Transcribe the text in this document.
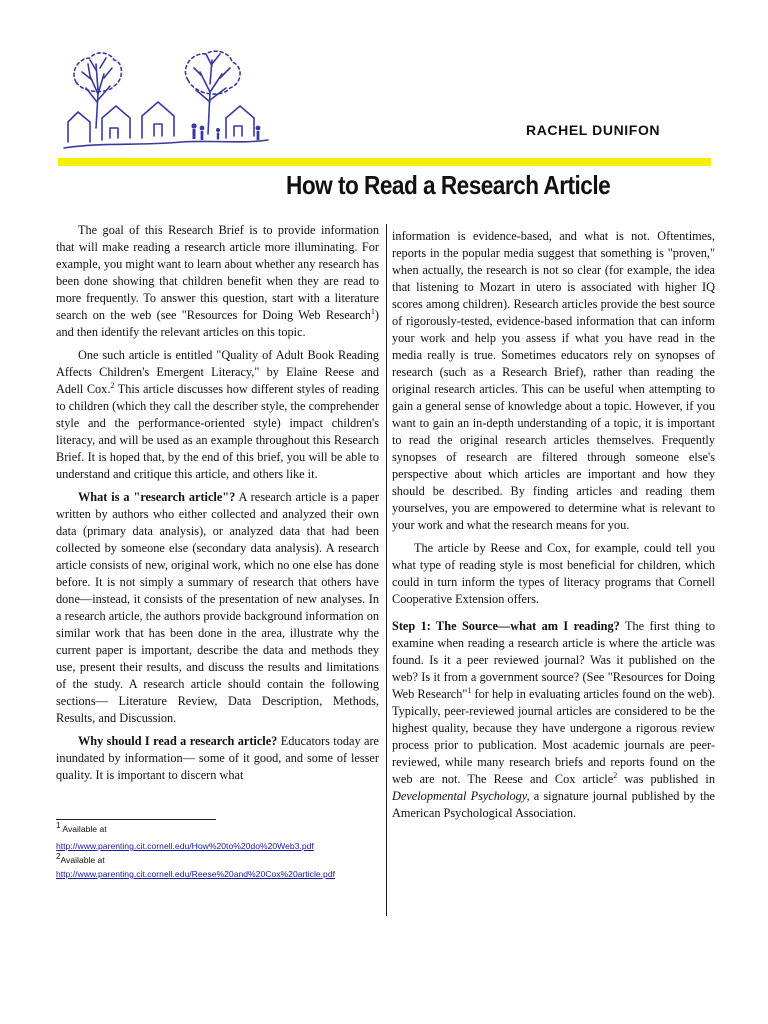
RACHEL DUNIFON
How to Read a Research Article

The goal of this Research Brief is to provide information that will make reading a research article more illuminating. For example, you might want to learn about whether any research has been done showing that children benefit when they are read to more frequently. To answer this question, start with a literature search on the web (see "Resources for Doing Web Research$^1$) and then identify the relevant articles on this topic.

One such article is entitled "Quality of Adult Book Reading Affects Children's Emergent Literacy," by Elaine Reese and Adell Cox.$^2$ This article discusses how different styles of reading to children (which they call the describer style, the comprehender style and the performance-oriented style) impact children's literacy, and will be used as an example throughout this Research Brief. It is hoped that, by the end of this brief, you will be able to understand and critique this article, and others like it.

What is a "research article"? A research article is a paper written by authors who either collected and analyzed their own data (primary data analysis), or analyzed data that had been collected by someone else (secondary data analysis). A research article consists of new, original work, which no one else has done before. It is not simply a summary of research that others have done—instead, it consists of the presentation of new analyses. In a research article, the authors provide background information on similar work that has been done in the area, illustrate why the current paper is important, describe the data and methods they use, present their results, and discuss the results and limitations of the study. A research article should contain the following sections— Literature Review, Data Description, Methods, Results, and Discussion.

Why should I read a research article? Educators today are inundated by information— some of it good, and some of lesser quality. It is important to discern what

$^1$ Available at
http://www.parenting.cit.cornell.edu/How%20to%20do%20Web3.pdf
$^2$Available at
http://www.parenting.cit.cornell.edu/Reese%20and%20Cox%20article.pdf

information is evidence-based, and what is not. Oftentimes, reports in the popular media suggest that something is "proven," when actually, the research is not so clear (for example, the idea that listening to Mozart in utero is associated with higher IQ scores among children). Research articles provide the best source of rigorously-tested, evidence-based information that can inform your work and help you assess if what you have read in the media really is true. Sometimes educators rely on synopses of research (such as a Research Brief), rather than reading the original research articles. This can be useful when attempting to gain a general sense of knowledge about a topic. However, if you want to gain an in-depth understanding of a topic, it is important to read the original research articles themselves. Frequently synopses of research are filtered through someone else's perspective about which articles are important and how they should be described. By finding articles and reading them yourselves, you are empowered to determine what is relevant to your work and what the research means for you.

The article by Reese and Cox, for example, could tell you what type of reading style is most beneficial for children, which could in turn inform the types of literacy programs that Cornell Cooperative Extension offers.

Step 1: The Source—what am I reading? The first thing to examine when reading a research article is where the article was found. Is it a peer reviewed journal? Was it published on the web? Is it from a government source? (See "Resources for Doing Web Research"$^1$ for help in evaluating articles found on the web). Typically, peer-reviewed journal articles are considered to be the highest quality, because they have undergone a rigorous review process prior to publication. Most academic journals are peer-reviewed, while many research briefs and reports found on the web are not. The Reese and Cox article$^2$ was published in Developmental Psychology, a signature journal published by the American Psychological Association.
